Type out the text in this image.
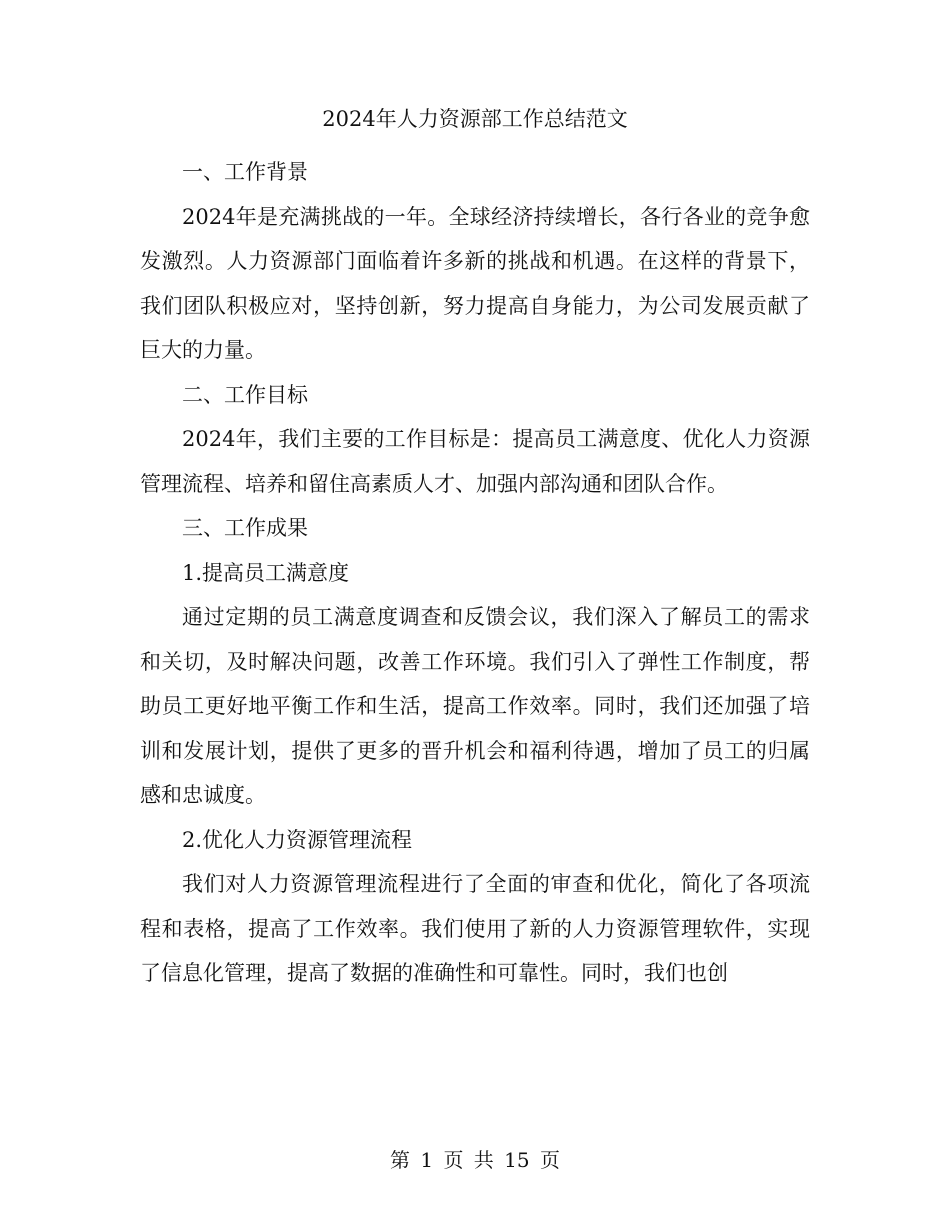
2024年人力资源部工作总结范文

一、工作背景

2024年是充满挑战的一年。全球经济持续增长，各行各业的竞争愈发激烈。人力资源部门面临着许多新的挑战和机遇。在这样的背景下，我们团队积极应对，坚持创新，努力提高自身能力，为公司发展贡献了巨大的力量。

二、工作目标

2024年，我们主要的工作目标是：提高员工满意度、优化人力资源管理流程、培养和留住高素质人才、加强内部沟通和团队合作。

三、工作成果

1.提高员工满意度

通过定期的员工满意度调查和反馈会议，我们深入了解员工的需求和关切，及时解决问题，改善工作环境。我们引入了弹性工作制度，帮助员工更好地平衡工作和生活，提高工作效率。同时，我们还加强了培训和发展计划，提供了更多的晋升机会和福利待遇，增加了员工的归属感和忠诚度。

2.优化人力资源管理流程

我们对人力资源管理流程进行了全面的审查和优化，简化了各项流程和表格，提高了工作效率。我们使用了新的人力资源管理软件，实现了信息化管理，提高了数据的准确性和可靠性。同时，我们也创

第 1 页 共 15 页
